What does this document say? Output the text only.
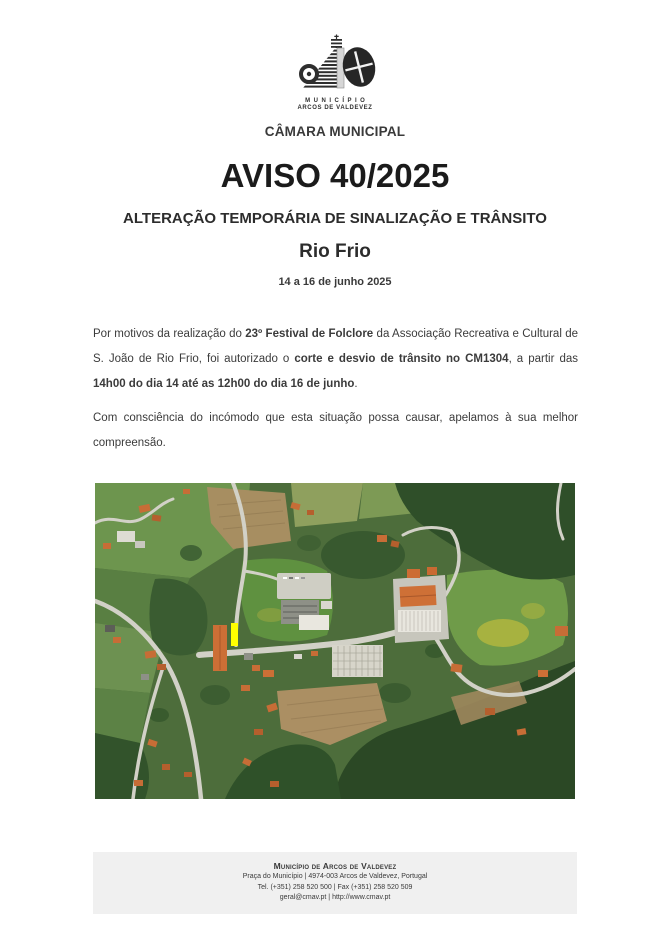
MUNICÍPIO
ARCOS DE VALDEVEZ
CÂMARA MUNICIPAL
AVISO 40/2025
ALTERAÇÃO TEMPORÁRIA DE SINALIZAÇÃO E TRÂNSITO
Rio Frio
14 a 16 de junho 2025

Por motivos da realização do 23º Festival de Folclore da Associação Recreativa e Cultural de S. João de Rio Frio, foi autorizado o corte e desvio de trânsito no CM1304, a partir das 14h00 do dia 14 até as 12h00 do dia 16 de junho.

Com consciência do incómodo que esta situação possa causar, apelamos à sua melhor compreensão.

Município de Arcos de Valdevez
Praça do Município | 4974-003 Arcos de Valdevez, Portugal
Tel. (+351) 258 520 500 | Fax (+351) 258 520 509
geral@cmav.pt | http://www.cmav.pt
